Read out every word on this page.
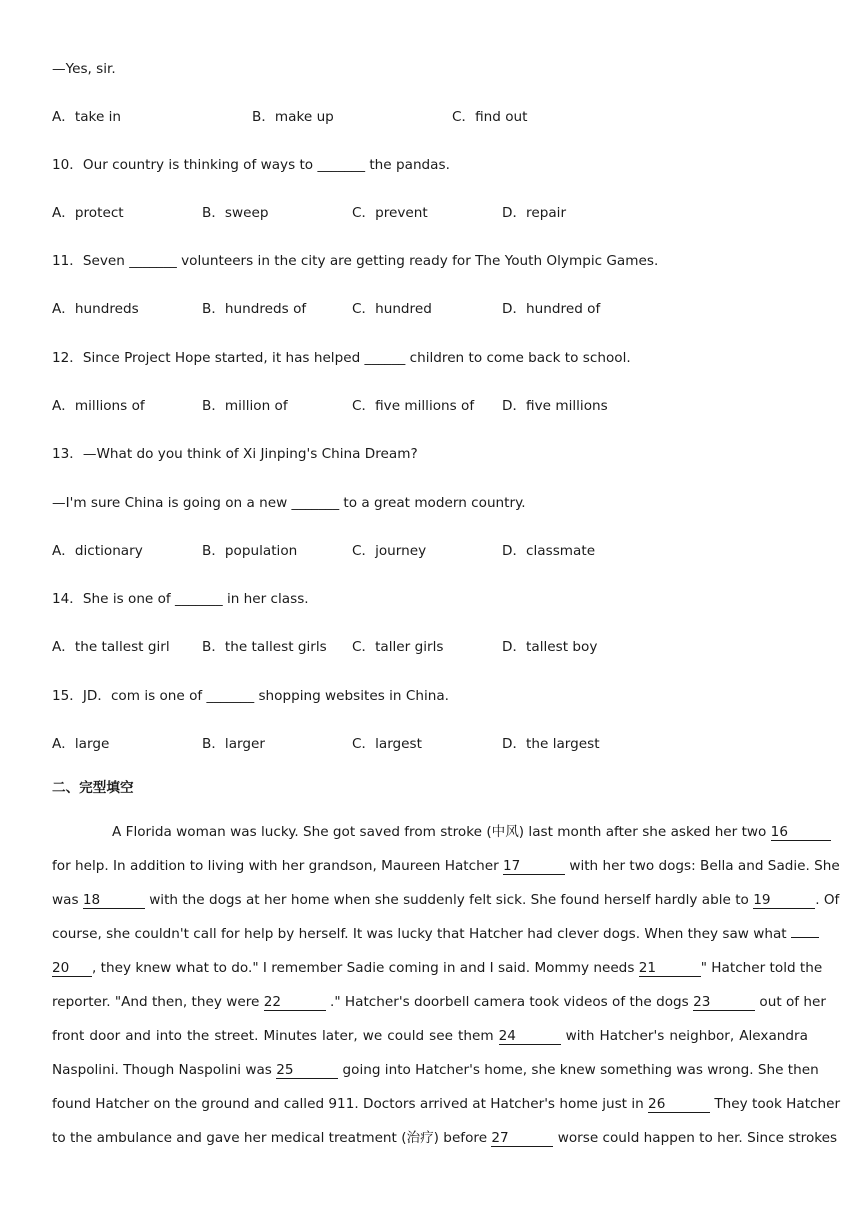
—Yes, sir.
A．take in	B．make up	C．find out
10．Our country is thinking of ways to _______ the pandas.
A．protect	B．sweep	C．prevent	D．repair
11．Seven _______ volunteers in the city are getting ready for The Youth Olympic Games.
A．hundreds	B．hundreds of	C．hundred	D．hundred of
12．Since Project Hope started, it has helped ______ children to come back to school.
A．millions of	B．million of	C．five millions of D．five millions
13．—What do you think of Xi Jinping's China Dream?
—I'm sure China is going on a new _______ to a great modern country.
A．dictionary	B．population	C．journey	D．classmate
14．She is one of _______ in her class.
A．the tallest girl B．the tallest girls C．taller girls	D．tallest boy
15．JD．com is one of _______ shopping websites in China.
A．large	B．larger	C．largest	D．the largest
二、完型填空
A Florida woman was lucky. She got saved from stroke (中风) last month after she asked her two 16
for help. In addition to living with her grandson, Maureen Hatcher 17	with her two dogs: Bella and Sadie. She
was 18	with the dogs at her home when she suddenly felt sick. She found herself hardly able to 19	. Of
course, she couldn't call for help by herself. It was lucky that Hatcher had clever dogs. When they saw what
20 , they knew what to do." I remember Sadie coming in and I said. Mommy needs 21	" Hatcher told the
reporter. "And then, they were 22	." Hatcher's doorbell camera took videos of the dogs 23	out of her
front door and into the street. Minutes later, we could see them 24	with Hatcher's neighbor, Alexandra
Naspolini. Though Naspolini was 25	going into Hatcher's home, she knew something was wrong. She then
found Hatcher on the ground and called 911. Doctors arrived at Hatcher's home just in 26	They took Hatcher
to the ambulance and gave her medical treatment (治疗) before 27	worse could happen to her. Since strokes
